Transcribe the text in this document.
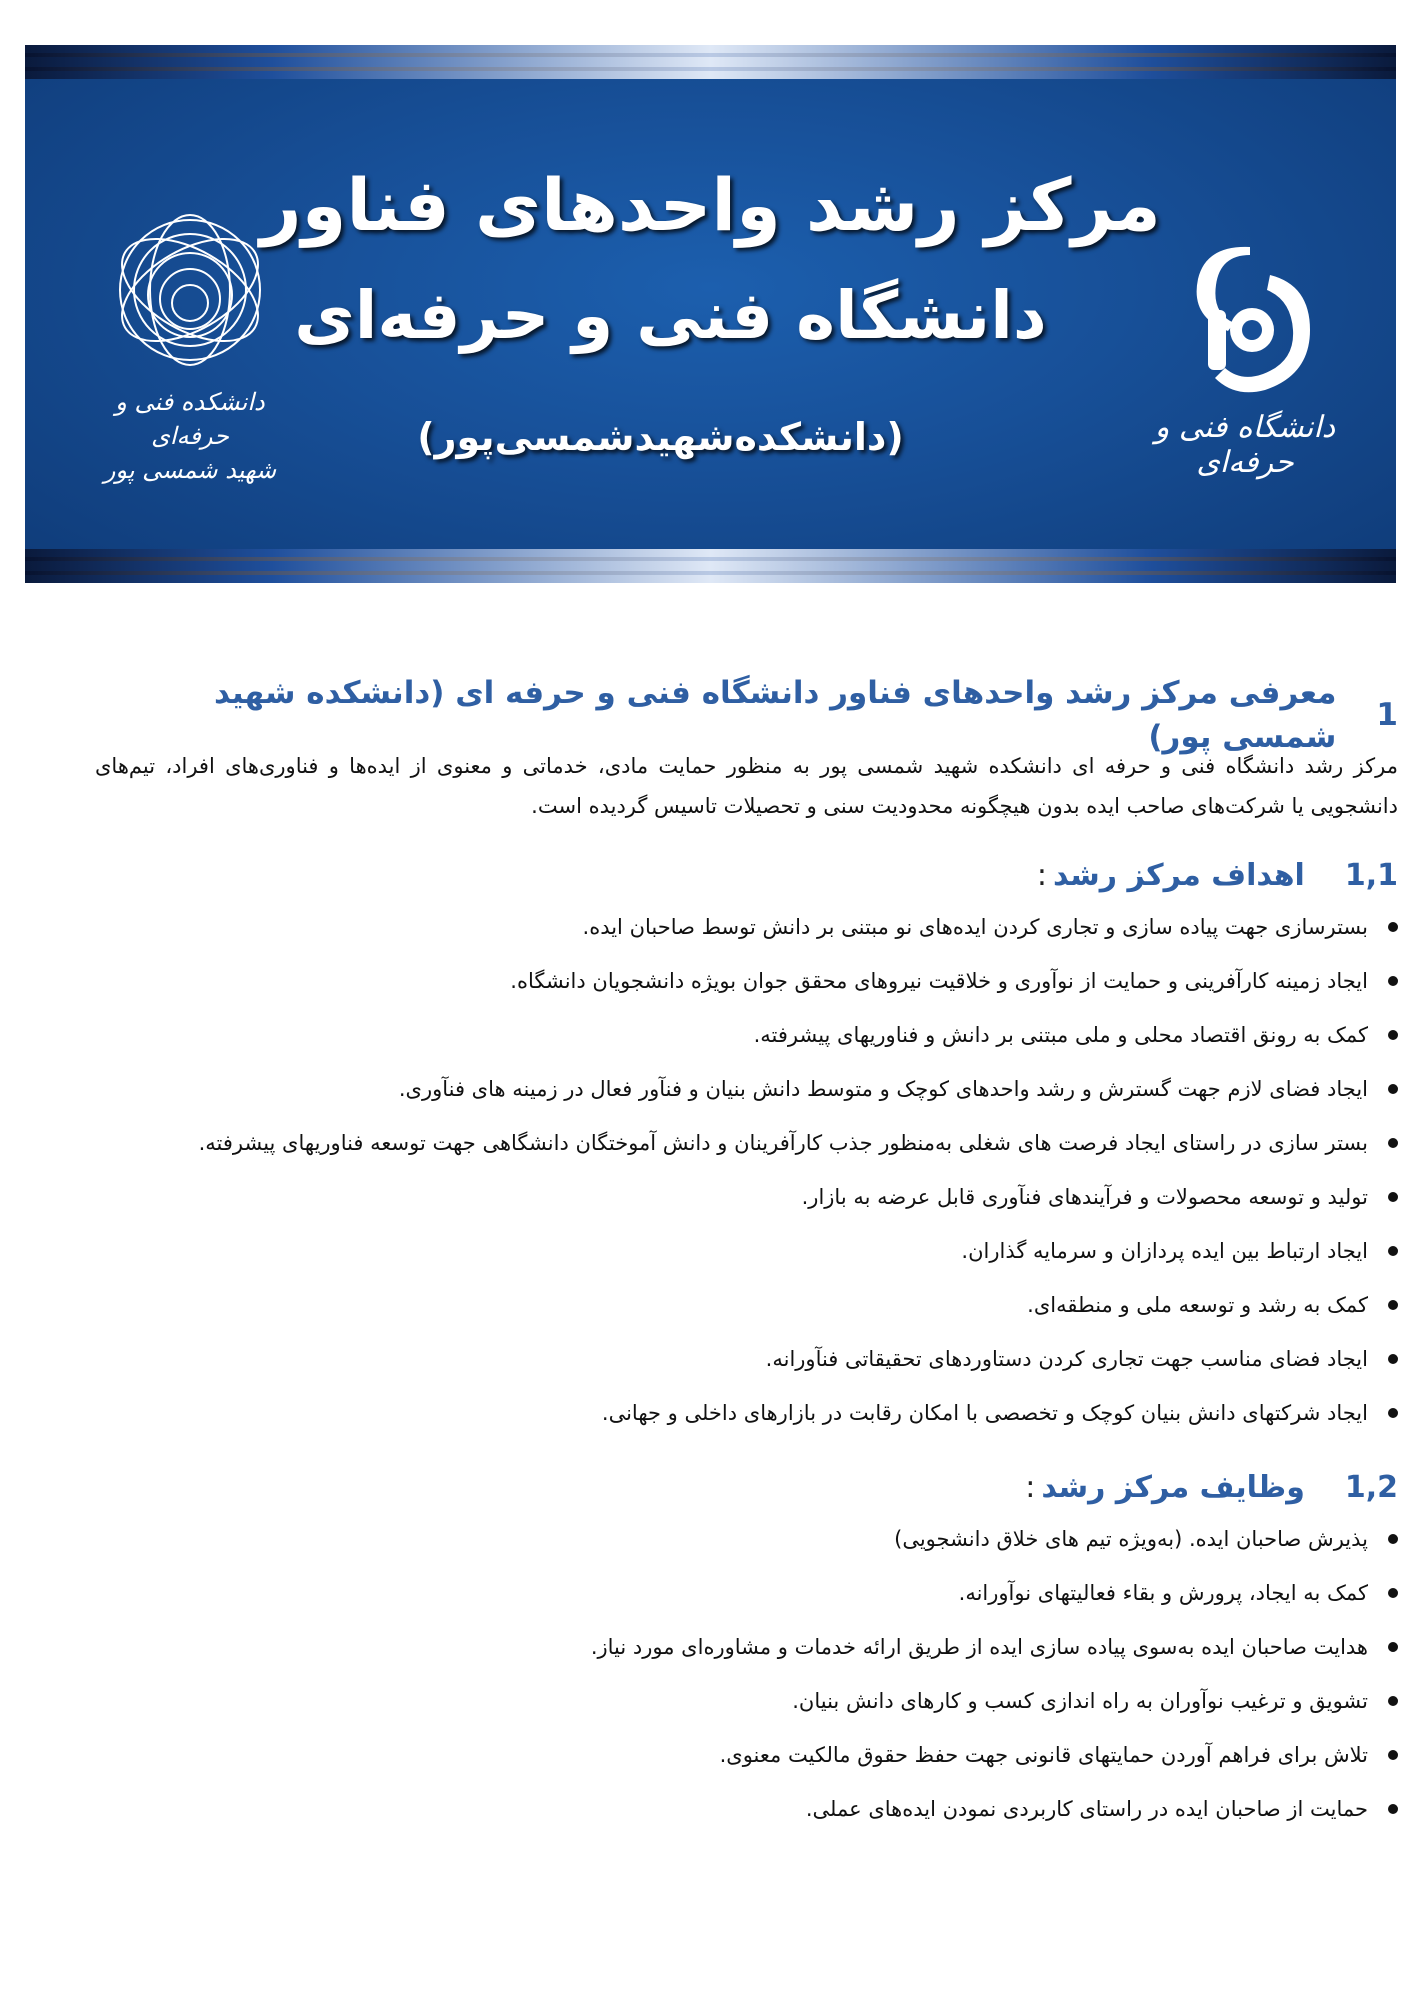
مرکز رشد واحدهای فناور
دانشگاه فنی و حرفه‌ای
(دانشکده‌شهیدشمسی‌پور)	دانشگاه فنی و حرفه‌ای
دانشکده فنی و حرفه‌ای
شهید شمسی پور
1
معرفی مرکز رشد واحدهای فناور دانشگاه فنی و حرفه ای (دانشکده شهید شمسی پور)

مرکز رشد دانشگاه فنی و حرفه ای دانشکده شهید شمسی پور به منظور حمایت مادی، خدماتی و معنوی از ایده‌ها و فناوری‌های افراد، تیم‌های دانشجویی یا شرکت‌های صاحب ایده بدون هیچگونه محدودیت سنی و تحصیلات تاسیس گردیده است.

1,1
اهداف مرکز رشد
:
بسترسازی جهت پیاده سازی و تجاری کردن ایده‌های نو مبتنی بر دانش توسط صاحبان ایده.
ایجاد زمینه کارآفرینی و حمایت از نوآوری و خلاقیت نیروهای محقق جوان بویژه دانشجویان دانشگاه.
کمک به رونق اقتصاد محلی و ملی مبتنی بر دانش و فناوریهای پیشرفته.
ایجاد فضای لازم جهت گسترش و رشد واحدهای کوچک و متوسط دانش بنیان و فنآور فعال در زمینه های فنآوری.
بستر سازی در راستای ایجاد فرصت های شغلی به‌منظور جذب کارآفرینان و دانش آموختگان دانشگاهی جهت توسعه فناوریهای پیشرفته.
تولید و توسعه محصولات و فرآیندهای فنآوری قابل عرضه به بازار.
ایجاد ارتباط بین ایده پردازان و سرمایه گذاران.
کمک به رشد و توسعه ملی و منطقه‌ای.
ایجاد فضای مناسب جهت تجاری کردن دستاوردهای تحقیقاتی فنآورانه.
ایجاد شرکتهای دانش بنیان کوچک و تخصصی با امکان رقابت در بازارهای داخلی و جهانی.
1,2
وظایف مرکز رشد
:
پذیرش صاحبان ایده. (به‌ویژه تیم های خلاق دانشجویی)
کمک به ایجاد، پرورش و بقاء فعالیتهای نوآورانه.
هدایت صاحبان ایده به‌سوی پیاده سازی ایده از طریق ارائه خدمات و مشاوره‌ای مورد نیاز.
تشویق و ترغیب نوآوران به راه اندازی کسب و کارهای دانش بنیان.
تلاش برای فراهم آوردن حمایتهای قانونی جهت حفظ حقوق مالکیت معنوی.
حمایت از صاحبان ایده در راستای کاربردی نمودن ایده‌های عملی.
